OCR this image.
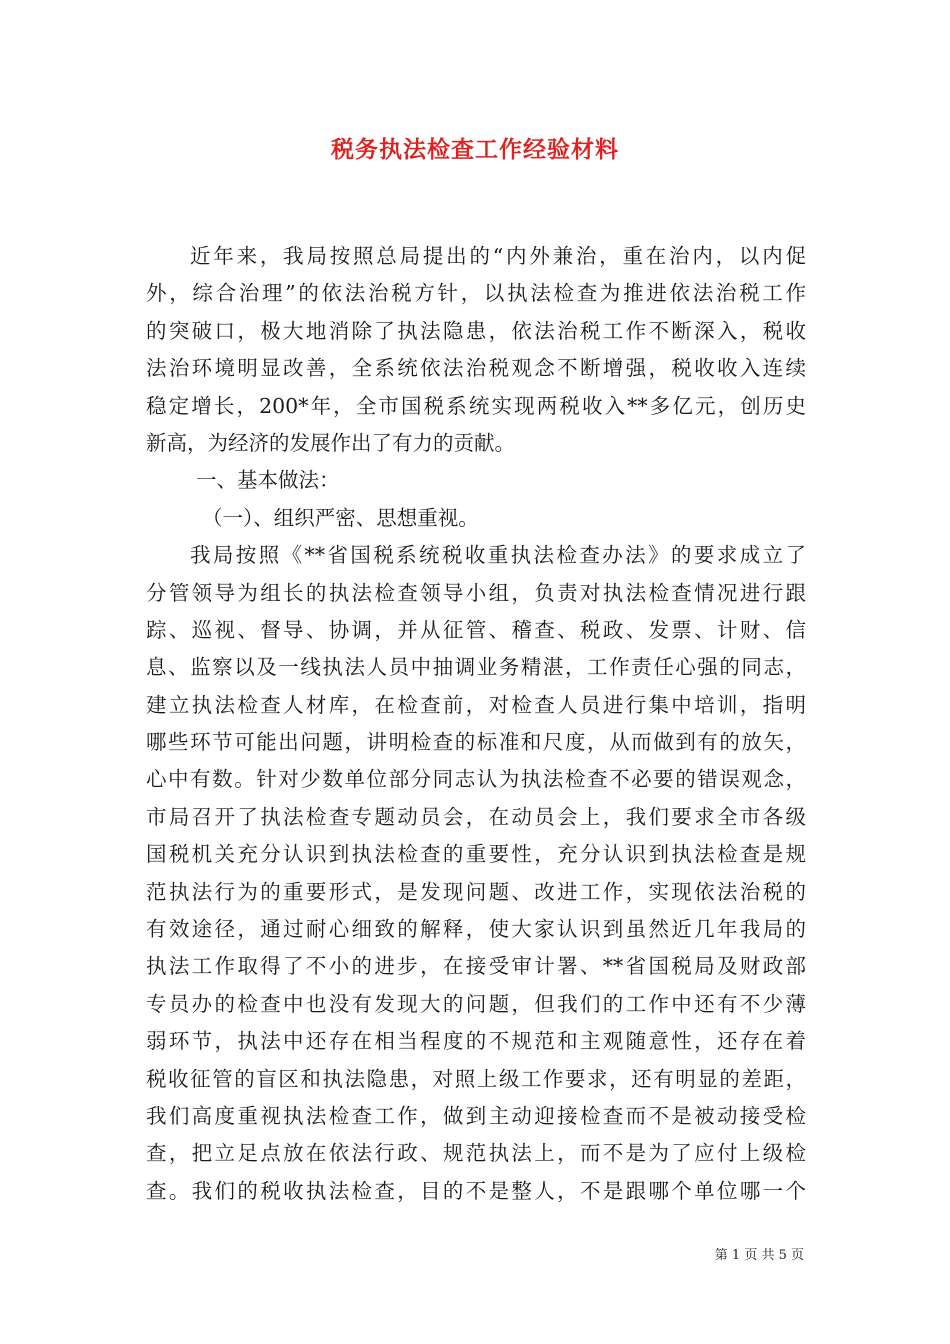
税务执法检查工作经验材料
近年来，我局按照总局提出的“内外兼治，重在治内，以内促
外，综合治理”的依法治税方针，以执法检查为推进依法治税工作
的突破口，极大地消除了执法隐患，依法治税工作不断深入，税收
法治环境明显改善，全系统依法治税观念不断增强，税收收入连续
稳定增长，200*年，全市国税系统实现两税收入**多亿元，创历史
新高，为经济的发展作出了有力的贡献。
一、基本做法：
（一）、组织严密、思想重视。
我局按照《**省国税系统税收重执法检查办法》的要求成立了
分管领导为组长的执法检查领导小组，负责对执法检查情况进行跟
踪、巡视、督导、协调，并从征管、稽查、税政、发票、计财、信
息、监察以及一线执法人员中抽调业务精湛，工作责任心强的同志，
建立执法检查人材库，在检查前，对检查人员进行集中培训，指明
哪些环节可能出问题，讲明检查的标准和尺度，从而做到有的放矢，
心中有数。针对少数单位部分同志认为执法检查不必要的错误观念，
市局召开了执法检查专题动员会，在动员会上，我们要求全市各级
国税机关充分认识到执法检查的重要性，充分认识到执法检查是规
范执法行为的重要形式，是发现问题、改进工作，实现依法治税的
有效途径，通过耐心细致的解释，使大家认识到虽然近几年我局的
执法工作取得了不小的进步，在接受审计署、**省国税局及财政部
专员办的检查中也没有发现大的问题，但我们的工作中还有不少薄
弱环节，执法中还存在相当程度的不规范和主观随意性，还存在着
税收征管的盲区和执法隐患，对照上级工作要求，还有明显的差距，
我们高度重视执法检查工作，做到主动迎接检查而不是被动接受检
查，把立足点放在依法行政、规范执法上，而不是为了应付上级检
查。我们的税收执法检查，目的不是整人，不是跟哪个单位哪一个
第 1 页 共 5 页
